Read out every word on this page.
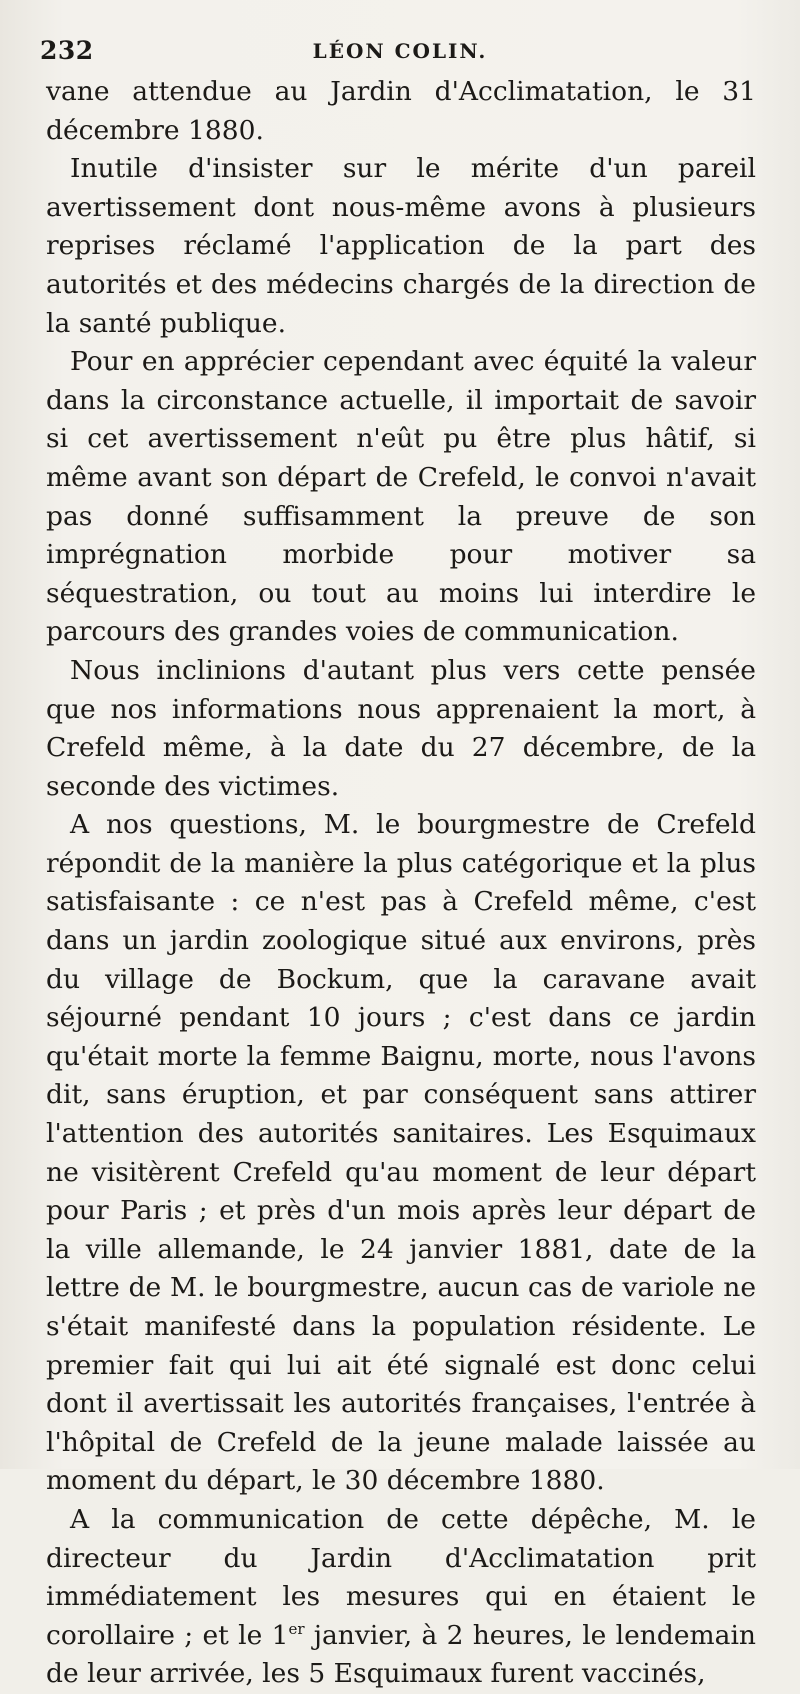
232	LÉON COLIN.

vane attendue au Jardin d'Acclimatation, le 31 décembre 1880.

Inutile d'insister sur le mérite d'un pareil avertissement dont nous-même avons à plusieurs reprises réclamé l'application de la part des autorités et des médecins chargés de la direction de la santé publique.

Pour en apprécier cependant avec équité la valeur dans la circonstance actuelle, il importait de savoir si cet avertissement n'eût pu être plus hâtif, si même avant son départ de Crefeld, le convoi n'avait pas donné suffisamment la preuve de son imprégnation morbide pour motiver sa séquestration, ou tout au moins lui interdire le parcours des grandes voies de communication.

Nous inclinions d'autant plus vers cette pensée que nos informations nous apprenaient la mort, à Crefeld même, à la date du 27 décembre, de la seconde des victimes.

A nos questions, M. le bourgmestre de Crefeld répondit de la manière la plus catégorique et la plus satisfaisante : ce n'est pas à Crefeld même, c'est dans un jardin zoologique situé aux environs, près du village de Bockum, que la caravane avait séjourné pendant 10 jours ; c'est dans ce jardin qu'était morte la femme Baignu, morte, nous l'avons dit, sans éruption, et par conséquent sans attirer l'attention des autorités sanitaires. Les Esquimaux ne visitèrent Crefeld qu'au moment de leur départ pour Paris ; et près d'un mois après leur départ de la ville allemande, le 24 janvier 1881, date de la lettre de M. le bourgmestre, aucun cas de variole ne s'était manifesté dans la population résidente. Le premier fait qui lui ait été signalé est donc celui dont il avertissait les autorités françaises, l'entrée à l'hôpital de Crefeld de la jeune malade laissée au moment du départ, le 30 décembre 1880.

A la communication de cette dépêche, M. le directeur du Jardin d'Acclimatation prit immédiatement les mesures qui en étaient le corollaire ; et le 1er janvier, à 2 heures, le lendemain de leur arrivée, les 5 Esquimaux furent vaccinés,
